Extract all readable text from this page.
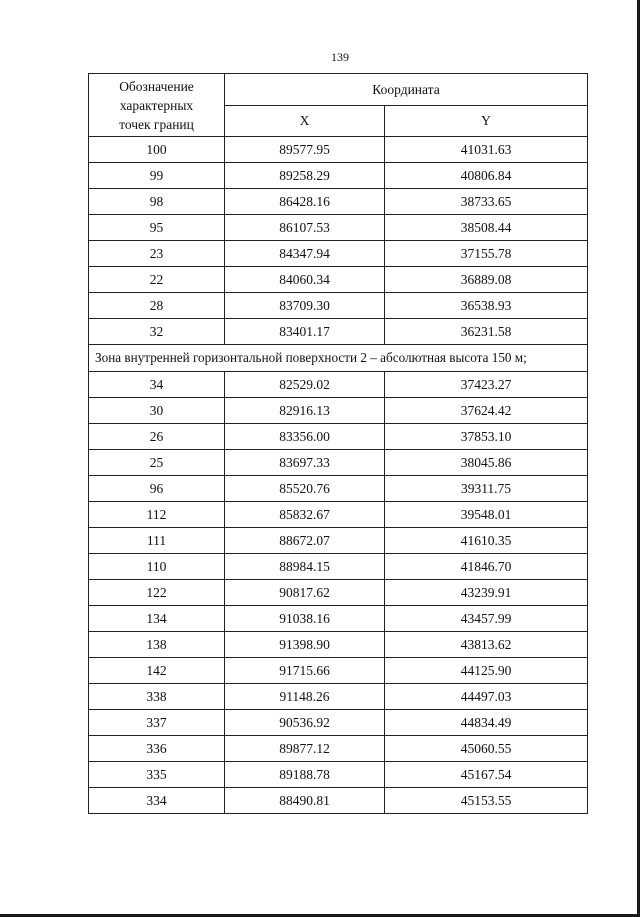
139
Обозначение
характерных
точек границ	Координата	
	X	Y
100	89577.95	41031.63
99	89258.29	40806.84
98	86428.16	38733.65
95	86107.53	38508.44
23	84347.94	37155.78
22	84060.34	36889.08
28	83709.30	36538.93
32	83401.17	36231.58
Зона внутренней горизонтальной поверхности 2 – абсолютная высота 150 м;		
34	82529.02	37423.27
30	82916.13	37624.42
26	83356.00	37853.10
25	83697.33	38045.86
96	85520.76	39311.75
112	85832.67	39548.01
111	88672.07	41610.35
110	88984.15	41846.70
122	90817.62	43239.91
134	91038.16	43457.99
138	91398.90	43813.62
142	91715.66	44125.90
338	91148.26	44497.03
337	90536.92	44834.49
336	89877.12	45060.55
335	89188.78	45167.54
334	88490.81	45153.55
